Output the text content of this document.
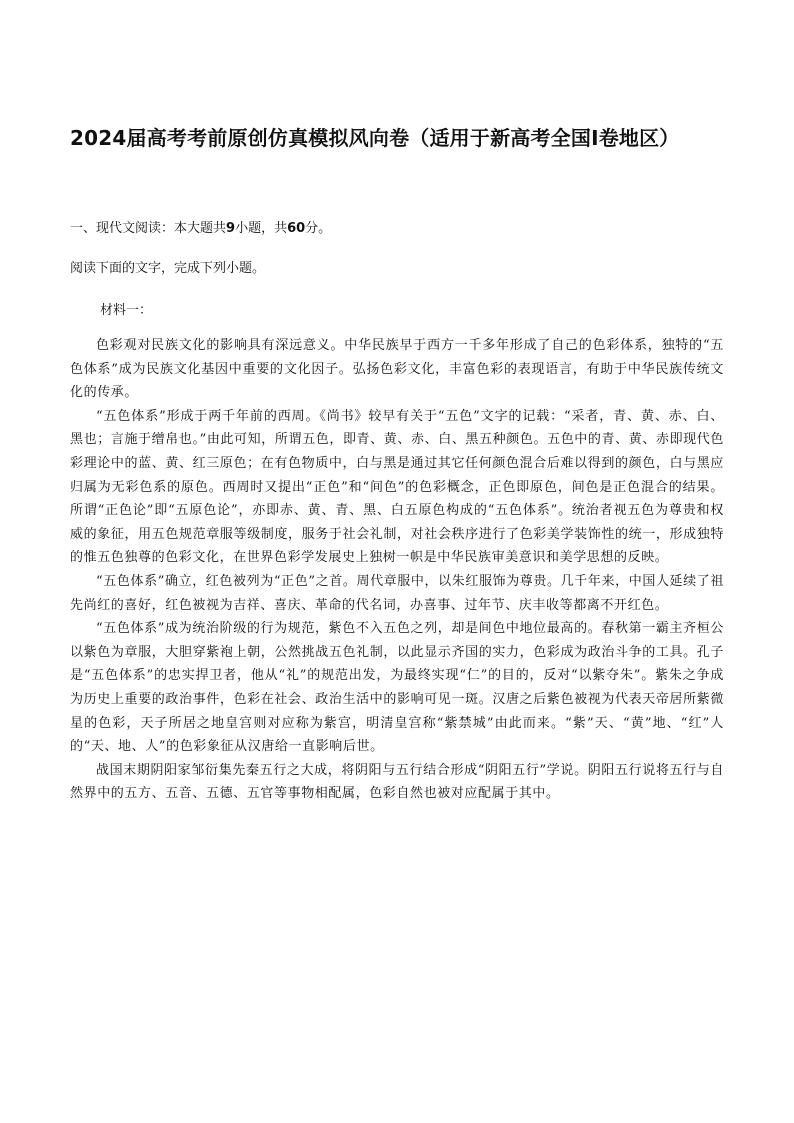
2024届高考考前原创仿真模拟风向卷（适用于新高考全国Ⅰ卷地区）
一、现代文阅读：本大题共9小题，共60分。
阅读下面的文字，完成下列小题。
材料一：

色彩观对民族文化的影响具有深远意义。中华民族早于西方一千多年形成了自己的色彩体系，独特的“五色体系”成为民族文化基因中重要的文化因子。弘扬色彩文化，丰富色彩的表现语言，有助于中华民族传统文化的传承。

“五色体系”形成于两千年前的西周。《尚书》较早有关于“五色”文字的记载：“采者，青、黄、赤、白、黑也；言施于缯帛也。”由此可知，所谓五色，即青、黄、赤、白、黑五种颜色。五色中的青、黄、赤即现代色彩理论中的蓝、黄、红三原色；在有色物质中，白与黑是通过其它任何颜色混合后难以得到的颜色，白与黑应归属为无彩色系的原色。西周时又提出“正色”和“间色”的色彩概念，正色即原色，间色是正色混合的结果。所谓“正色论”即“五原色论”，亦即赤、黄、青、黑、白五原色构成的“五色体系”。统治者视五色为尊贵和权威的象征，用五色规范章服等级制度，服务于社会礼制，对社会秩序进行了色彩美学装饰性的统一，形成独特的惟五色独尊的色彩文化，在世界色彩学发展史上独树一帜是中华民族审美意识和美学思想的反映。

“五色体系”确立，红色被列为“正色”之首。周代章服中，以朱红服饰为尊贵。几千年来，中国人延续了祖先尚红的喜好，红色被视为吉祥、喜庆、革命的代名词，办喜事、过年节、庆丰收等都离不开红色。

“五色体系”成为统治阶级的行为规范，紫色不入五色之列，却是间色中地位最高的。春秋第一霸主齐桓公以紫色为章服，大胆穿紫袍上朝，公然挑战五色礼制，以此显示齐国的实力，色彩成为政治斗争的工具。孔子是“五色体系”的忠实捍卫者，他从“礼”的规范出发，为最终实现“仁”的目的，反对“以紫夺朱”。紫朱之争成为历史上重要的政治事件，色彩在社会、政治生活中的影响可见一斑。汉唐之后紫色被视为代表天帝居所紫微星的色彩，天子所居之地皇宫则对应称为紫宫，明清皇宫称“紫禁城”由此而来。“紫”天、“黄”地、“红”人的“天、地、人”的色彩象征从汉唐给一直影响后世。

战国末期阴阳家邹衍集先秦五行之大成，将阴阳与五行结合形成“阴阳五行”学说。阴阳五行说将五行与自然界中的五方、五音、五德、五官等事物相配属，色彩自然也被对应配属于其中。
